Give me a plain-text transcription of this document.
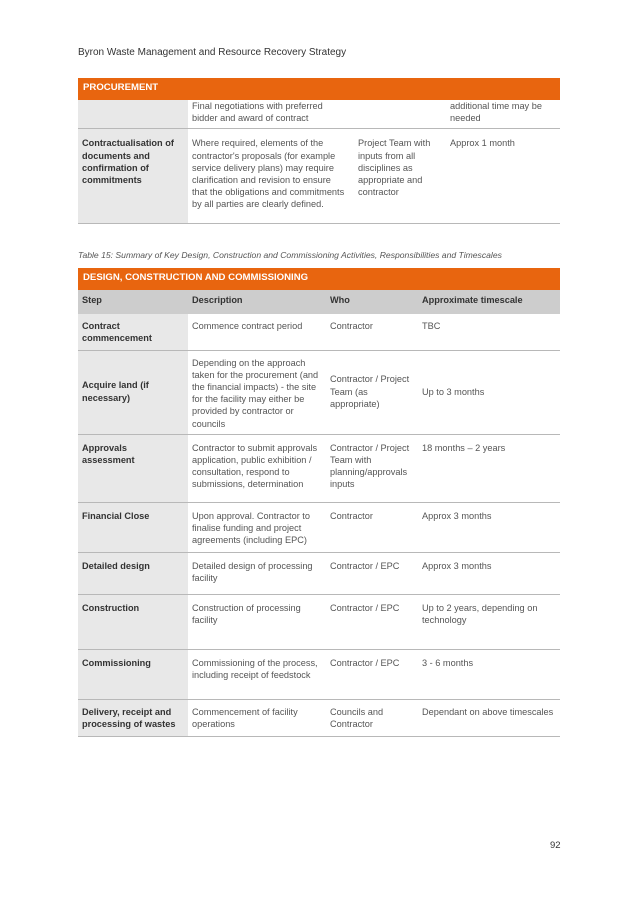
Byron Waste Management and Resource Recovery Strategy
PROCUREMENT			
	Final negotiations with preferred bidder and award of contract		additional time may be needed
Contractualisation of documents and confirmation of commitments	Where required, elements of the contractor's proposals (for example service delivery plans) may require clarification and revision to ensure that the obligations and commitments by all parties are clearly defined.	Project Team with inputs from all disciplines as appropriate and contractor	Approx 1 month
Table 15: Summary of Key Design, Construction and Commissioning Activities, Responsibilities and Timescales
DESIGN, CONSTRUCTION AND COMMISSIONING			
Step	Description	Who	Approximate timescale
Contract commencement	Commence contract period	Contractor	TBC
Acquire land (if necessary)	Depending on the approach taken for the procurement (and the financial impacts) - the site for the facility may either be provided by contractor or councils	Contractor / Project Team (as appropriate)	Up to 3 months
Approvals assessment	Contractor to submit approvals application, public exhibition / consultation, respond to submissions, determination	Contractor / Project Team with planning/approvals inputs	18 months – 2 years
Financial Close	Upon approval. Contractor to finalise funding and project agreements (including EPC)	Contractor	Approx 3 months
Detailed design	Detailed design of processing facility	Contractor / EPC	Approx 3 months
Construction	Construction of processing facility	Contractor / EPC	Up to 2 years, depending on technology
Commissioning	Commissioning of the process, including receipt of feedstock	Contractor / EPC	3 - 6 months
Delivery, receipt and processing of wastes	Commencement of facility operations	Councils and Contractor	Dependant on above timescales
92
